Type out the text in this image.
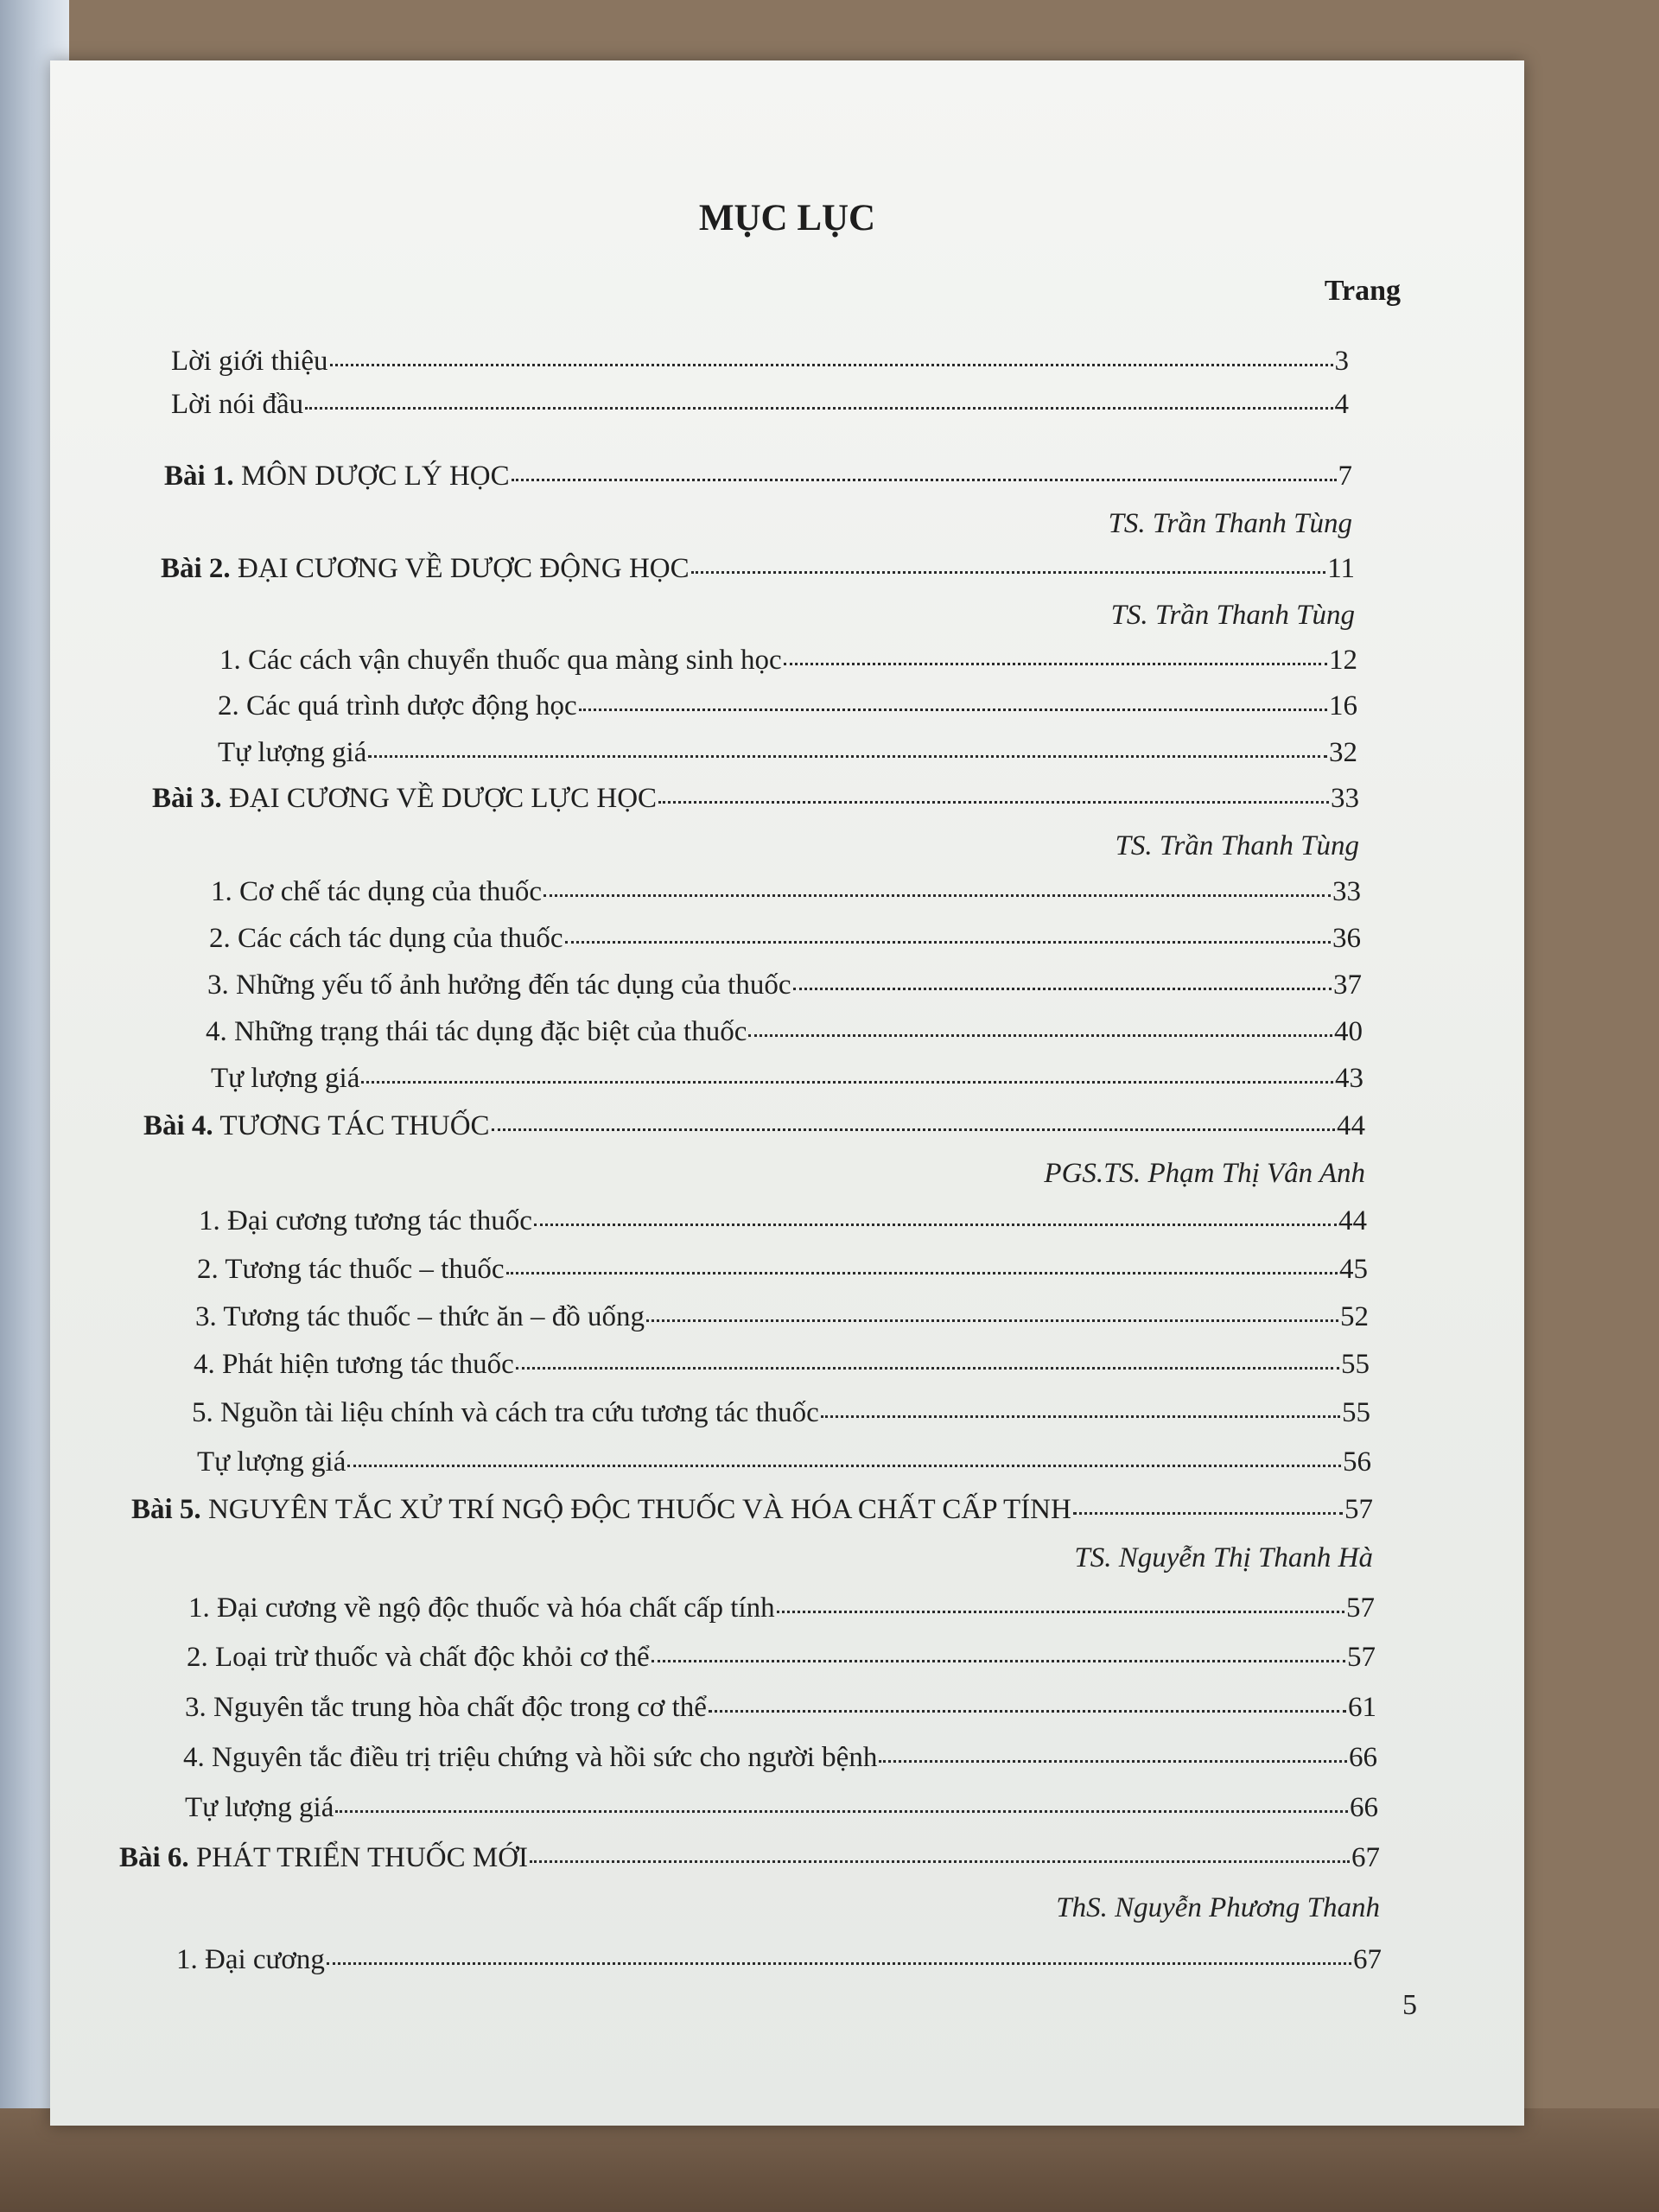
MỤC LỤC
Trang
Lời giới thiệu	3
Lời nói đầu	4
Bài 1. MÔN DƯỢC LÝ HỌC	7
TS. Trần Thanh Tùng
Bài 2. ĐẠI CƯƠNG VỀ DƯỢC ĐỘNG HỌC	11
TS. Trần Thanh Tùng
1. Các cách vận chuyển thuốc qua màng sinh học	12
2. Các quá trình dược động học	16
Tự lượng giá	32
Bài 3. ĐẠI CƯƠNG VỀ DƯỢC LỰC HỌC	33
TS. Trần Thanh Tùng
1. Cơ chế tác dụng của thuốc	33
2. Các cách tác dụng của thuốc	36
3. Những yếu tố ảnh hưởng đến tác dụng của thuốc	37
4. Những trạng thái tác dụng đặc biệt của thuốc	40
Tự lượng giá	43
Bài 4. TƯƠNG TÁC THUỐC	44
PGS.TS. Phạm Thị Vân Anh
1. Đại cương tương tác thuốc	44
2. Tương tác thuốc – thuốc	45
3. Tương tác thuốc – thức ăn – đồ uống	52
4. Phát hiện tương tác thuốc	55
5. Nguồn tài liệu chính và cách tra cứu tương tác thuốc	55
Tự lượng giá	56
Bài 5. NGUYÊN TẮC XỬ TRÍ NGỘ ĐỘC THUỐC VÀ HÓA CHẤT CẤP TÍNH	57
TS. Nguyễn Thị Thanh Hà
1. Đại cương về ngộ độc thuốc và hóa chất cấp tính	57
2. Loại trừ thuốc và chất độc khỏi cơ thể	57
3. Nguyên tắc trung hòa chất độc trong cơ thể	61
4. Nguyên tắc điều trị triệu chứng và hồi sức cho người bệnh	66
Tự lượng giá	66
Bài 6. PHÁT TRIỂN THUỐC MỚI	67
ThS. Nguyễn Phương Thanh
1. Đại cương	67
5
